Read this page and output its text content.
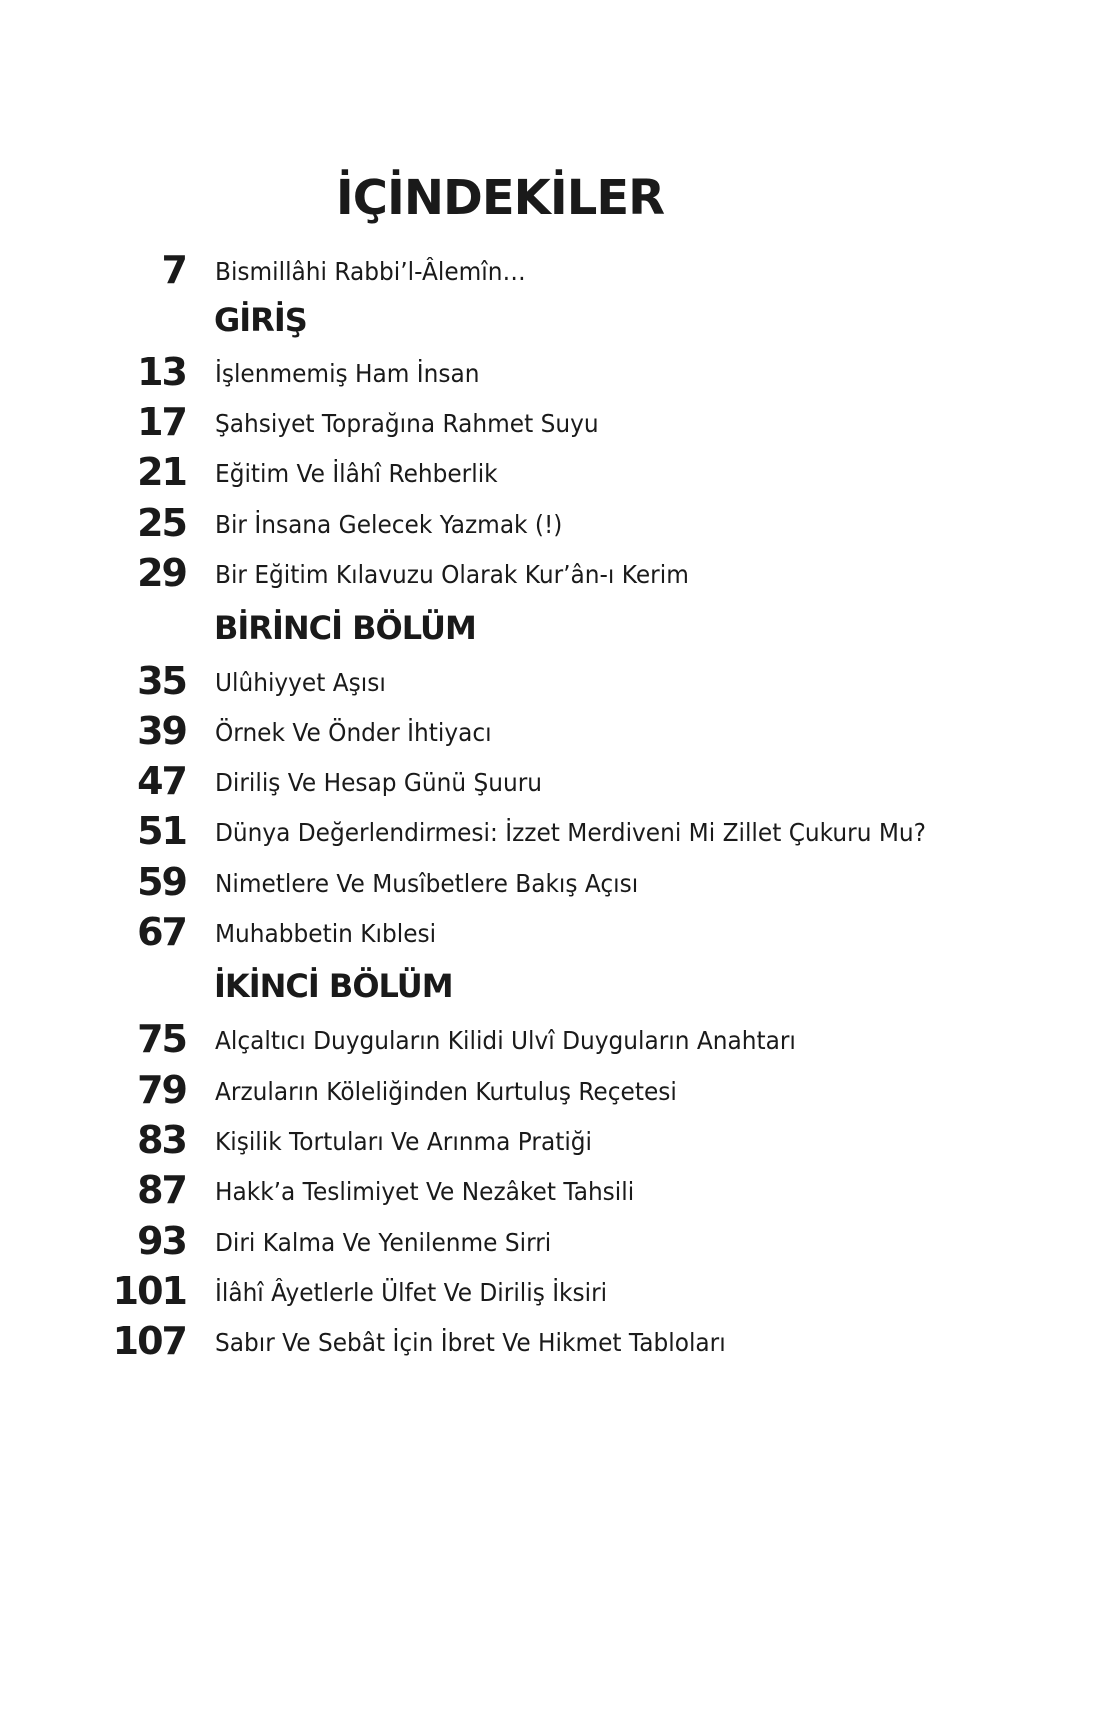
İÇİNDEKİLER
7 Bismillâhi Rabbi’l-Âlemîn…
GİRİŞ
13 İşlenmemiş Ham İnsan
17 Şahsiyet Toprağına Rahmet Suyu
21 Eğitim Ve İlâhî Rehberlik
25 Bir İnsana Gelecek Yazmak (!)
29 Bir Eğitim Kılavuzu Olarak Kur’ân-ı Kerim
BİRİNCİ BÖLÜM
35 Ulûhiyyet Aşısı
39 Örnek Ve Önder İhtiyacı
47 Diriliş Ve Hesap Günü Şuuru
51 Dünya Değerlendirmesi: İzzet Merdiveni Mi Zillet Çukuru Mu?
59 Nimetlere Ve Musîbetlere Bakış Açısı
67 Muhabbetin Kıblesi
İKİNCİ BÖLÜM
75 Alçaltıcı Duyguların Kilidi Ulvî Duyguların Anahtarı
79 Arzuların Köleliğinden Kurtuluş Reçetesi
83 Kişilik Tortuları Ve Arınma Pratiği
87 Hakk’a Teslimiyet Ve Nezâket Tahsili
93 Diri Kalma Ve Yenilenme Sirri
101 İlâhî Âyetlerle Ülfet Ve Diriliş İksiri
107 Sabır Ve Sebât İçin İbret Ve Hikmet Tabloları
